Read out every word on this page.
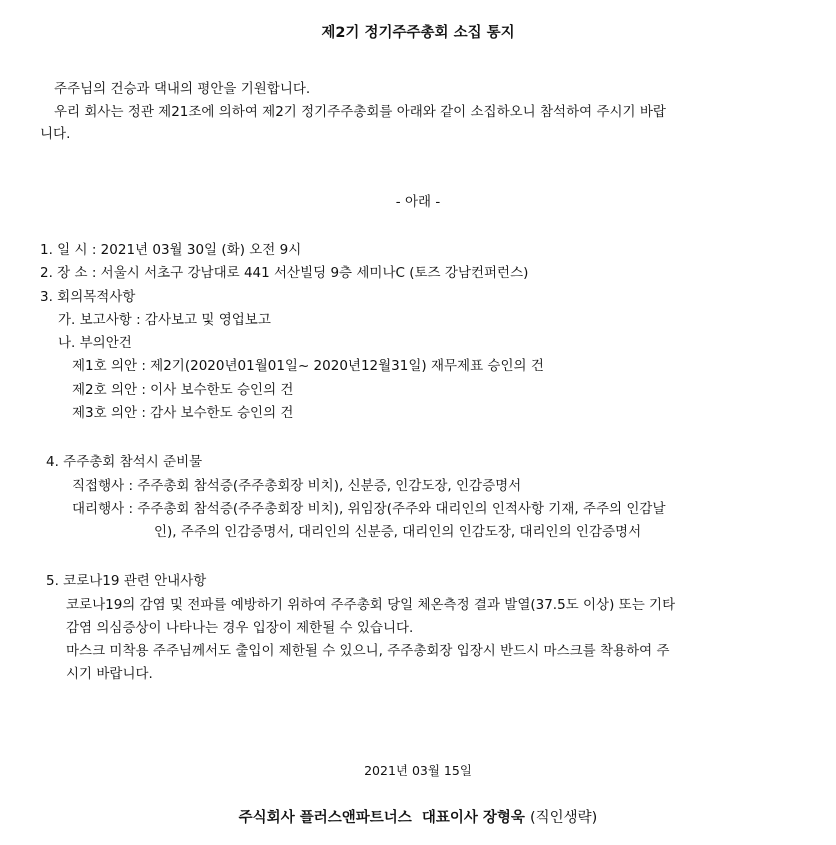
제2기 정기주주총회 소집 통지
주주님의 건승과 댁내의 평안을 기원합니다.
우리 회사는 정관 제21조에 의하여 제2기 정기주주총회를 아래와 같이 소집하오니 참석하여 주시기 바랍
니다.
- 아래 -
1. 일 시 : 2021년 03월 30일 (화) 오전 9시
2. 장 소 : 서울시 서초구 강남대로 441 서산빌딩 9층 세미나C (토즈 강남컨퍼런스)
3. 회의목적사항
가. 보고사항 : 감사보고 및 영업보고
나. 부의안건
제1호 의안 : 제2기(2020년01월01일~ 2020년12월31일) 재무제표 승인의 건
제2호 의안 : 이사 보수한도 승인의 건
제3호 의안 : 감사 보수한도 승인의 건
4. 주주총회 참석시 준비물
직접행사 : 주주총회 참석증(주주총회장 비치), 신분증, 인감도장, 인감증명서
대리행사 : 주주총회 참석증(주주총회장 비치), 위임장(주주와 대리인의 인적사항 기재, 주주의 인감날
인), 주주의 인감증명서, 대리인의 신분증, 대리인의 인감도장, 대리인의 인감증명서
5. 코로나19 관련 안내사항
코로나19의 감염 및 전파를 예방하기 위하여 주주총회 당일 체온측정 결과 발열(37.5도 이상) 또는 기타
감염 의심증상이 나타나는 경우 입장이 제한될 수 있습니다.
마스크 미착용 주주님께서도 출입이 제한될 수 있으니, 주주총회장 입장시 반드시 마스크를 착용하여 주
시기 바랍니다.
2021년 03월 15일
주식회사 플러스앤파트너스 대표이사 장형욱 (직인생략)
